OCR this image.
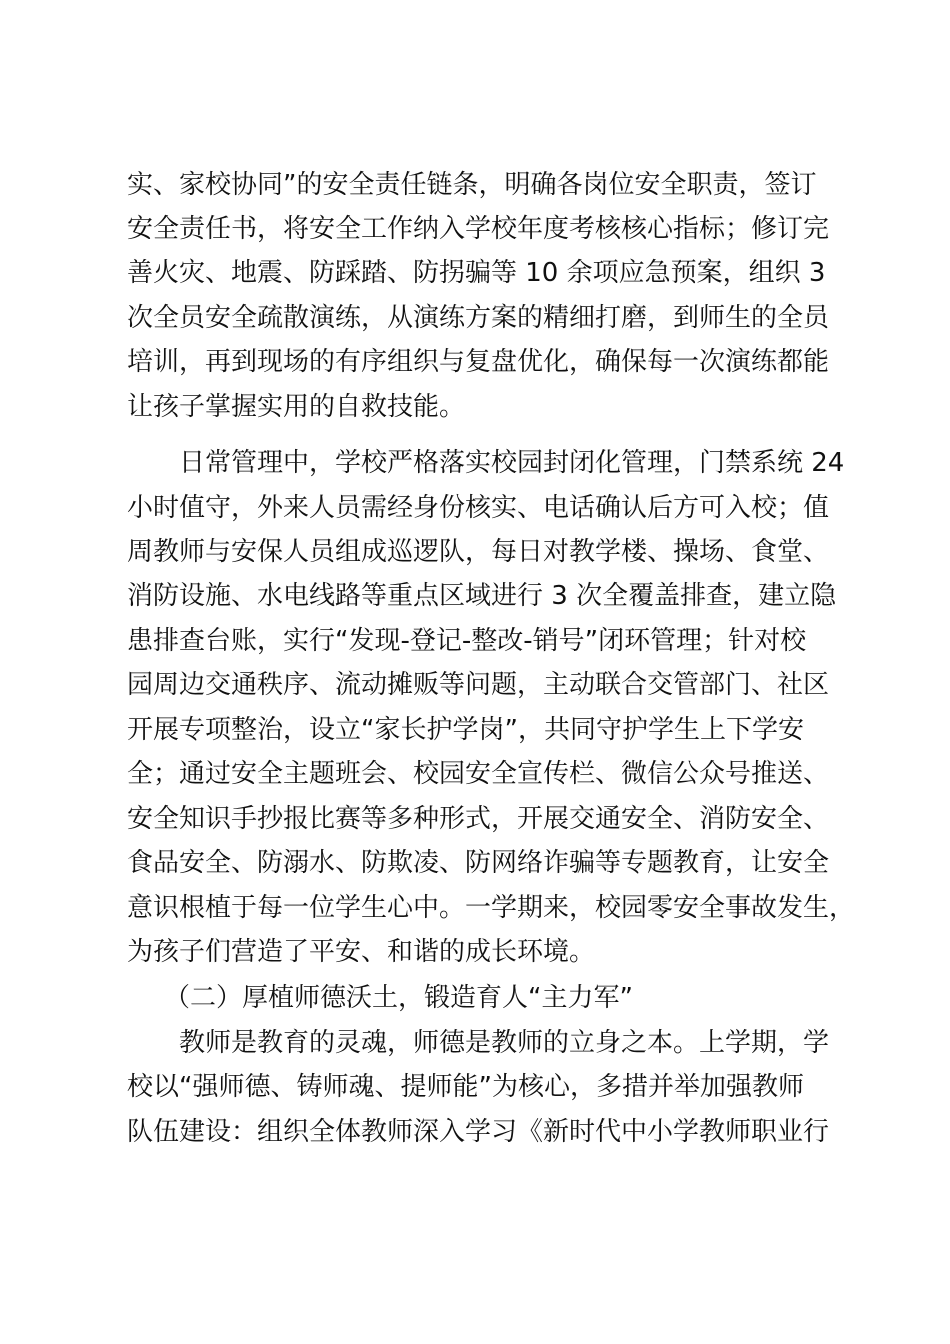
实、家校协同”的安全责任链条，明确各岗位安全职责，签订
安全责任书，将安全工作纳入学校年度考核核心指标；修订完
善火灾、地震、防踩踏、防拐骗等 10 余项应急预案，组织 3
次全员安全疏散演练，从演练方案的精细打磨，到师生的全员
培训，再到现场的有序组织与复盘优化，确保每一次演练都能
让孩子掌握实用的自救技能。
日常管理中，学校严格落实校园封闭化管理，门禁系统 24
小时值守，外来人员需经身份核实、电话确认后方可入校；值
周教师与安保人员组成巡逻队，每日对教学楼、操场、食堂、
消防设施、水电线路等重点区域进行 3 次全覆盖排查，建立隐
患排查台账，实行“发现-登记-整改-销号”闭环管理；针对校
园周边交通秩序、流动摊贩等问题，主动联合交管部门、社区
开展专项整治，设立“家长护学岗”，共同守护学生上下学安
全；通过安全主题班会、校园安全宣传栏、微信公众号推送、
安全知识手抄报比赛等多种形式，开展交通安全、消防安全、
食品安全、防溺水、防欺凌、防网络诈骗等专题教育，让安全
意识根植于每一位学生心中。一学期来，校园零安全事故发生，
为孩子们营造了平安、和谐的成长环境。
（二）厚植师德沃土，锻造育人“主力军”
教师是教育的灵魂，师德是教师的立身之本。上学期，学
校以“强师德、铸师魂、提师能”为核心，多措并举加强教师
队伍建设：组织全体教师深入学习《新时代中小学教师职业行
